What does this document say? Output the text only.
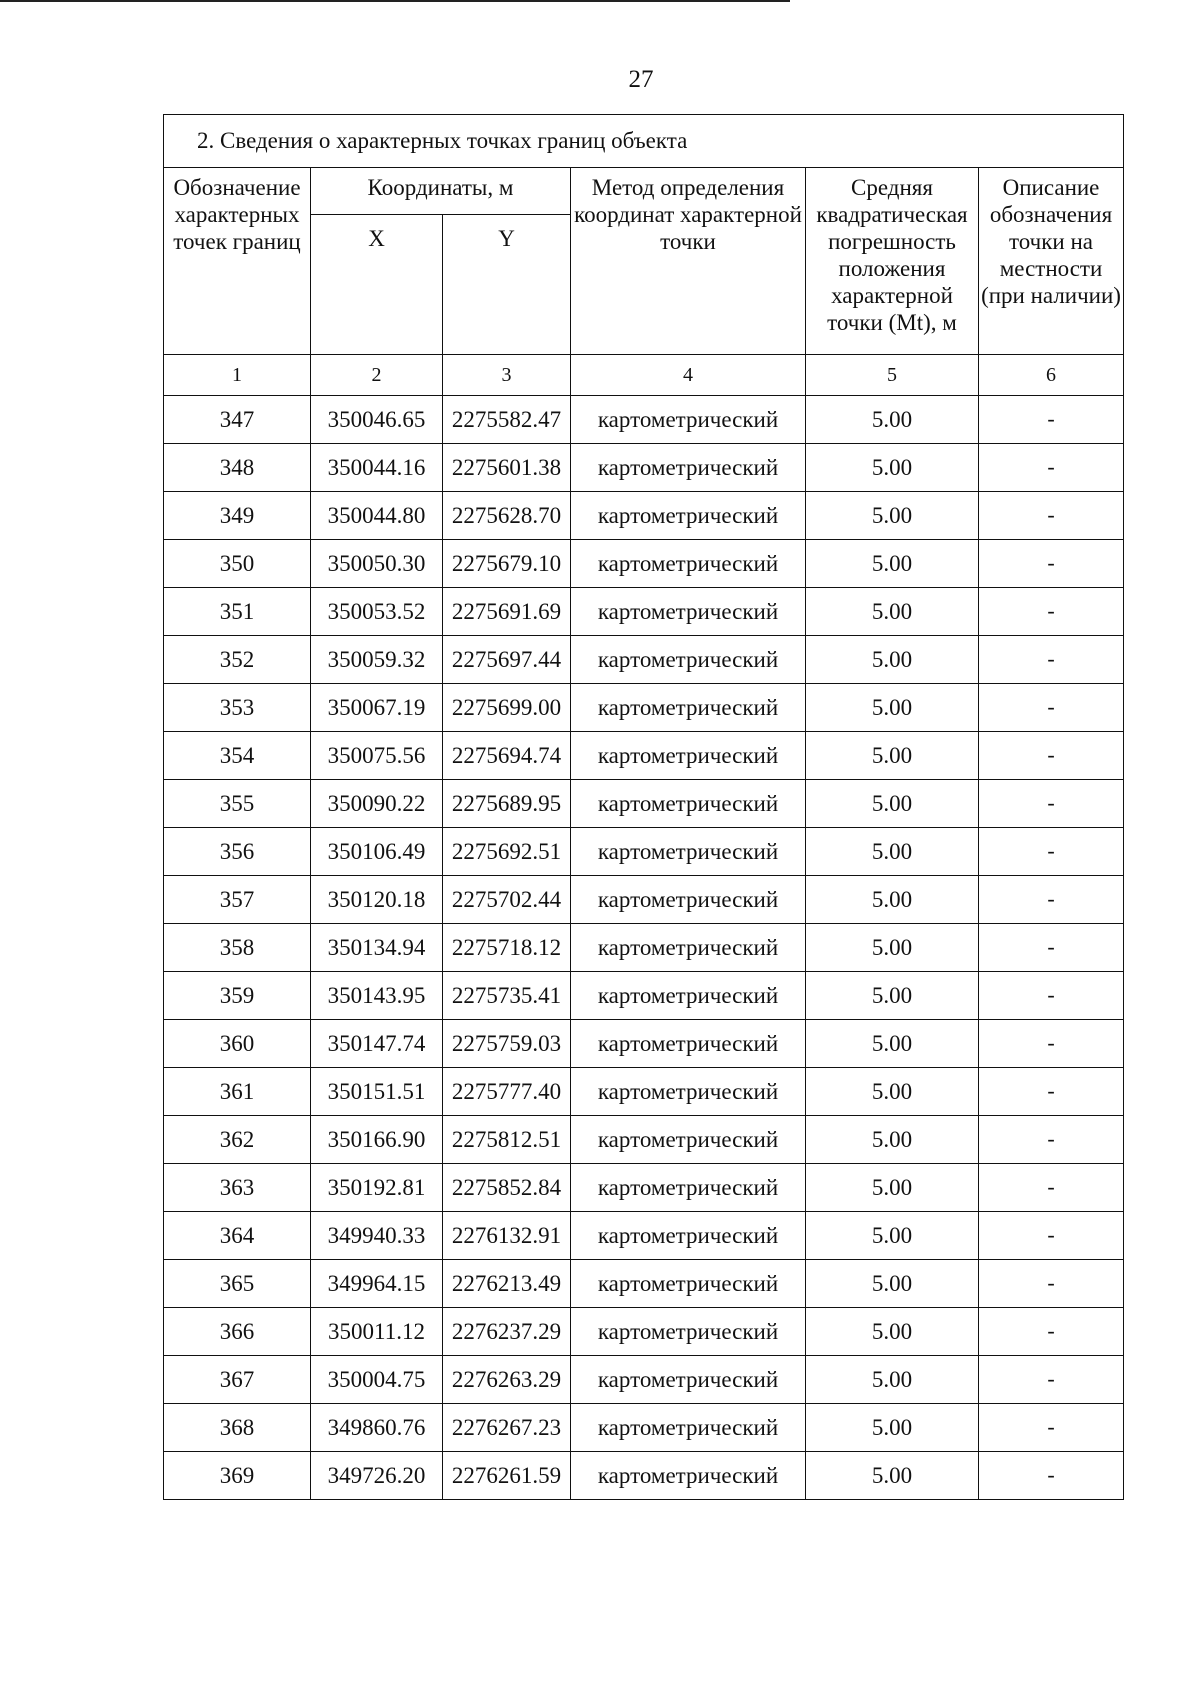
27
2. Сведения о характерных точках границ объекта					
Обозначение характерных точек границ	Координаты, м		Метод определения координат характерной точки	Средняя квадратическая погрешность положения характерной точки (Mt), м	Описание обозначения точки на местности (при наличии)
	X	Y			
1	2	3	4	5	6
347	350046.65	2275582.47	картометрический	5.00	-
348	350044.16	2275601.38	картометрический	5.00	-
349	350044.80	2275628.70	картометрический	5.00	-
350	350050.30	2275679.10	картометрический	5.00	-
351	350053.52	2275691.69	картометрический	5.00	-
352	350059.32	2275697.44	картометрический	5.00	-
353	350067.19	2275699.00	картометрический	5.00	-
354	350075.56	2275694.74	картометрический	5.00	-
355	350090.22	2275689.95	картометрический	5.00	-
356	350106.49	2275692.51	картометрический	5.00	-
357	350120.18	2275702.44	картометрический	5.00	-
358	350134.94	2275718.12	картометрический	5.00	-
359	350143.95	2275735.41	картометрический	5.00	-
360	350147.74	2275759.03	картометрический	5.00	-
361	350151.51	2275777.40	картометрический	5.00	-
362	350166.90	2275812.51	картометрический	5.00	-
363	350192.81	2275852.84	картометрический	5.00	-
364	349940.33	2276132.91	картометрический	5.00	-
365	349964.15	2276213.49	картометрический	5.00	-
366	350011.12	2276237.29	картометрический	5.00	-
367	350004.75	2276263.29	картометрический	5.00	-
368	349860.76	2276267.23	картометрический	5.00	-
369	349726.20	2276261.59	картометрический	5.00	-
